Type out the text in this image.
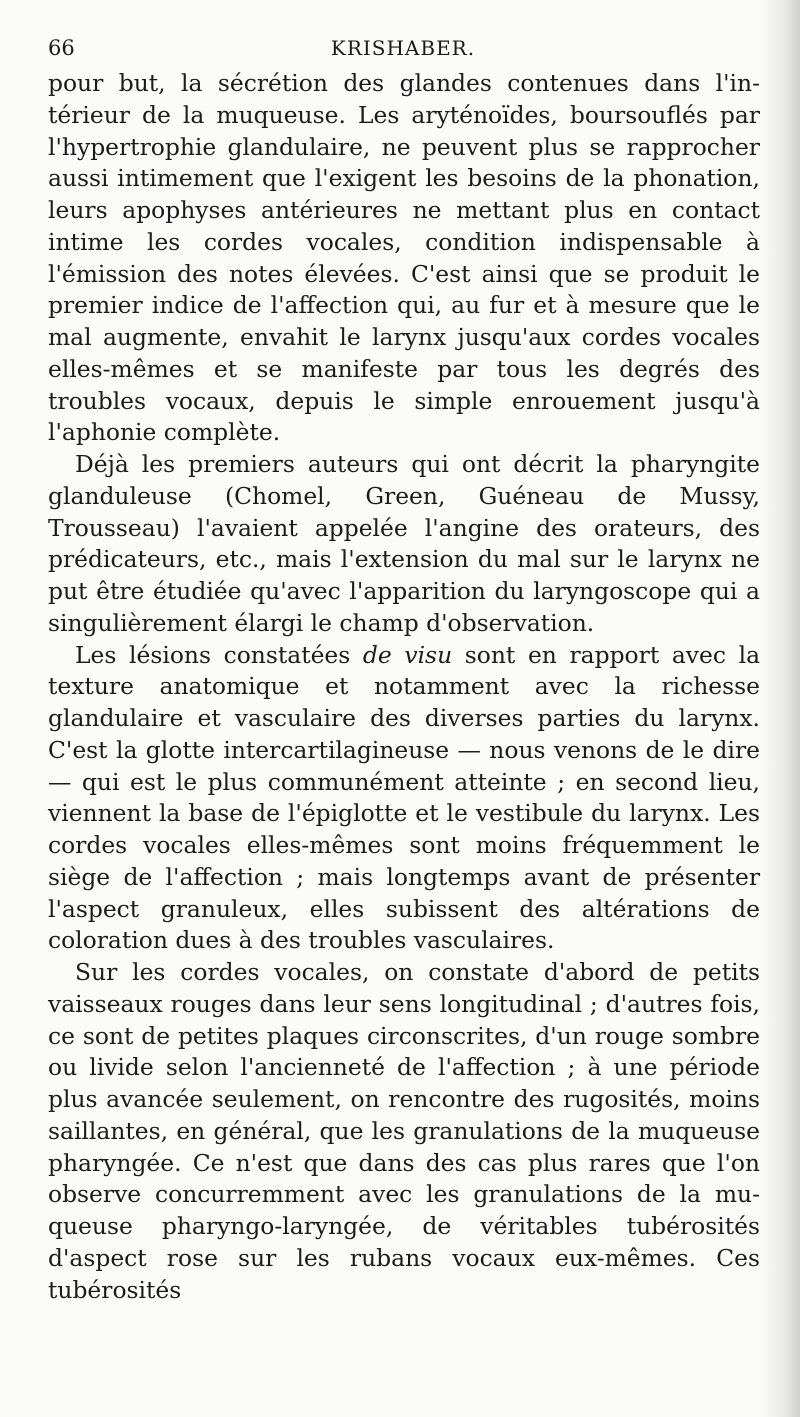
66	KRISHABER.

pour but, la sécrétion des glandes contenues dans l'intérieur de la muqueuse. Les aryténoïdes, boursouflés par l'hypertrophie glandulaire, ne peuvent plus se rapprocher aussi intimement que l'exigent les besoins de la phonation, leurs apophyses antérieures ne mettant plus en contact intime les cordes vocales, condition indispensable à l'émission des notes élevées. C'est ainsi que se produit le premier indice de l'affection qui, au fur et à mesure que le mal augmente, envahit le larynx jusqu'aux cordes vocales elles-mêmes et se manifeste par tous les degrés des troubles vocaux, depuis le simple enrouement jusqu'à l'aphonie complète.

Déjà les premiers auteurs qui ont décrit la pharyngite glanduleuse (Chomel, Green, Guéneau de Mussy, Trousseau) l'avaient appelée l'angine des orateurs, des prédicateurs, etc., mais l'extension du mal sur le larynx ne put être étudiée qu'avec l'apparition du laryngoscope qui a singulièrement élargi le champ d'observation.

Les lésions constatées de visu sont en rapport avec la texture anatomique et notamment avec la richesse glandulaire et vasculaire des diverses parties du larynx. C'est la glotte intercartilagineuse — nous venons de le dire — qui est le plus communément atteinte ; en second lieu, viennent la base de l'épiglotte et le vestibule du larynx. Les cordes vocales elles-mêmes sont moins fréquemment le siège de l'affection ; mais longtemps avant de présenter l'aspect granuleux, elles subissent des altérations de coloration dues à des troubles vasculaires.

Sur les cordes vocales, on constate d'abord de petits vaisseaux rouges dans leur sens longitudinal ; d'autres fois, ce sont de petites plaques circonscrites, d'un rouge sombre ou livide selon l'ancienneté de l'affection ; à une période plus avancée seulement, on rencontre des rugosités, moins saillantes, en général, que les granulations de la muqueuse pharyngée. Ce n'est que dans des cas plus rares que l'on observe concurremment avec les granulations de la muqueuse pharyngo-laryngée, de véritables tubérosités d'aspect rose sur les rubans vocaux eux-mêmes. Ces tubérosités
